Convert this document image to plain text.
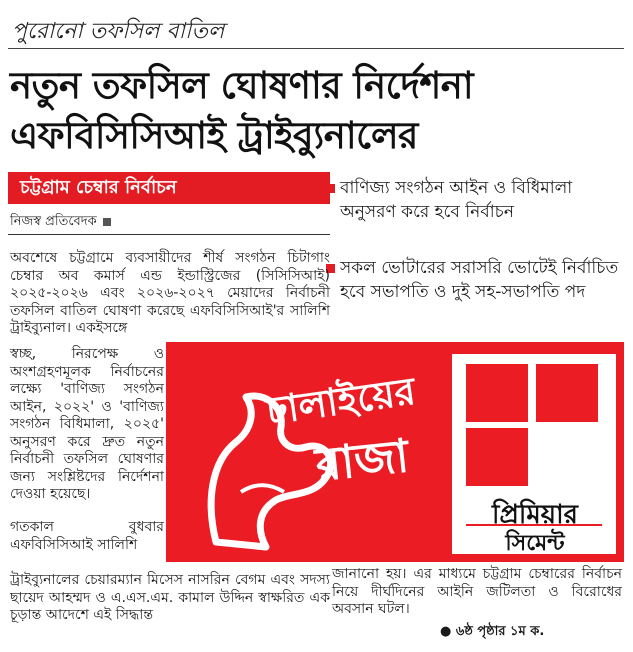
পুরোনো তফসিল বাতিল
নতুন তফসিল ঘোষণার নির্দেশনা
এফবিসিসিআই ট্রাইব্যুনালের
চট্টগ্রাম চেম্বার নির্বাচন
নিজস্ব প্রতিবেদক
বাণিজ্য সংগঠন আইন ও বিধিমালা অনুসরণ করে হবে নির্বাচন
সকল ভোটারের সরাসরি ভোটেই নির্বাচিত হবে সভাপতি ও দুই সহ-সভাপতি পদ
অবশেষে চট্টগ্রামে ব্যবসায়ীদের শীর্ষ সংগঠন চিটাগাং চেম্বার অব কমার্স এন্ড ইন্ডাস্ট্রিজের (সিসিসিআই) ২০২৫-২০২৬ এবং ২০২৬-২০২৭ মেয়াদের নির্বাচনী তফসিল বাতিল ঘোষণা করেছে এফবিসিসিআই'র সালিশি ট্রাইব্যুনাল। একইসঙ্গে
স্বচ্ছ, নিরপেক্ষ ও অংশগ্রহণমূলক নির্বাচনের লক্ষ্যে 'বাণিজ্য সংগঠন আইন, ২০২২' ও 'বাণিজ্য সংগঠন বিধিমালা, ২০২৫' অনুসরণ করে দ্রুত নতুন নির্বাচনী তফসিল ঘোষণার জন্য সংশ্লিষ্টদের নির্দেশনা দেওয়া হয়েছে।
গতকাল বুধবার এফবিসিসিআই সালিশি
ট্রাইব্যুনালের চেয়ারম্যান মিসেস নাসরিন বেগম এবং সদস্য ছায়েদ আহম্মদ ও এ.এস.এম. কামাল উদ্দিন স্বাক্ষরিত এক চূড়ান্ত আদেশে এই সিদ্ধান্ত
জানানো হয়। এর মাধ্যমে চট্টগ্রাম চেম্বারের নির্বাচন নিয়ে দীর্ঘদিনের আইনি জটিলতা ও বিরোধের অবসান ঘটল।
● ৬ষ্ঠ পৃষ্ঠার ১ম ক.
ঢালাইয়ের
রাজা
প্রিমিয়ার
সিমেন্ট
